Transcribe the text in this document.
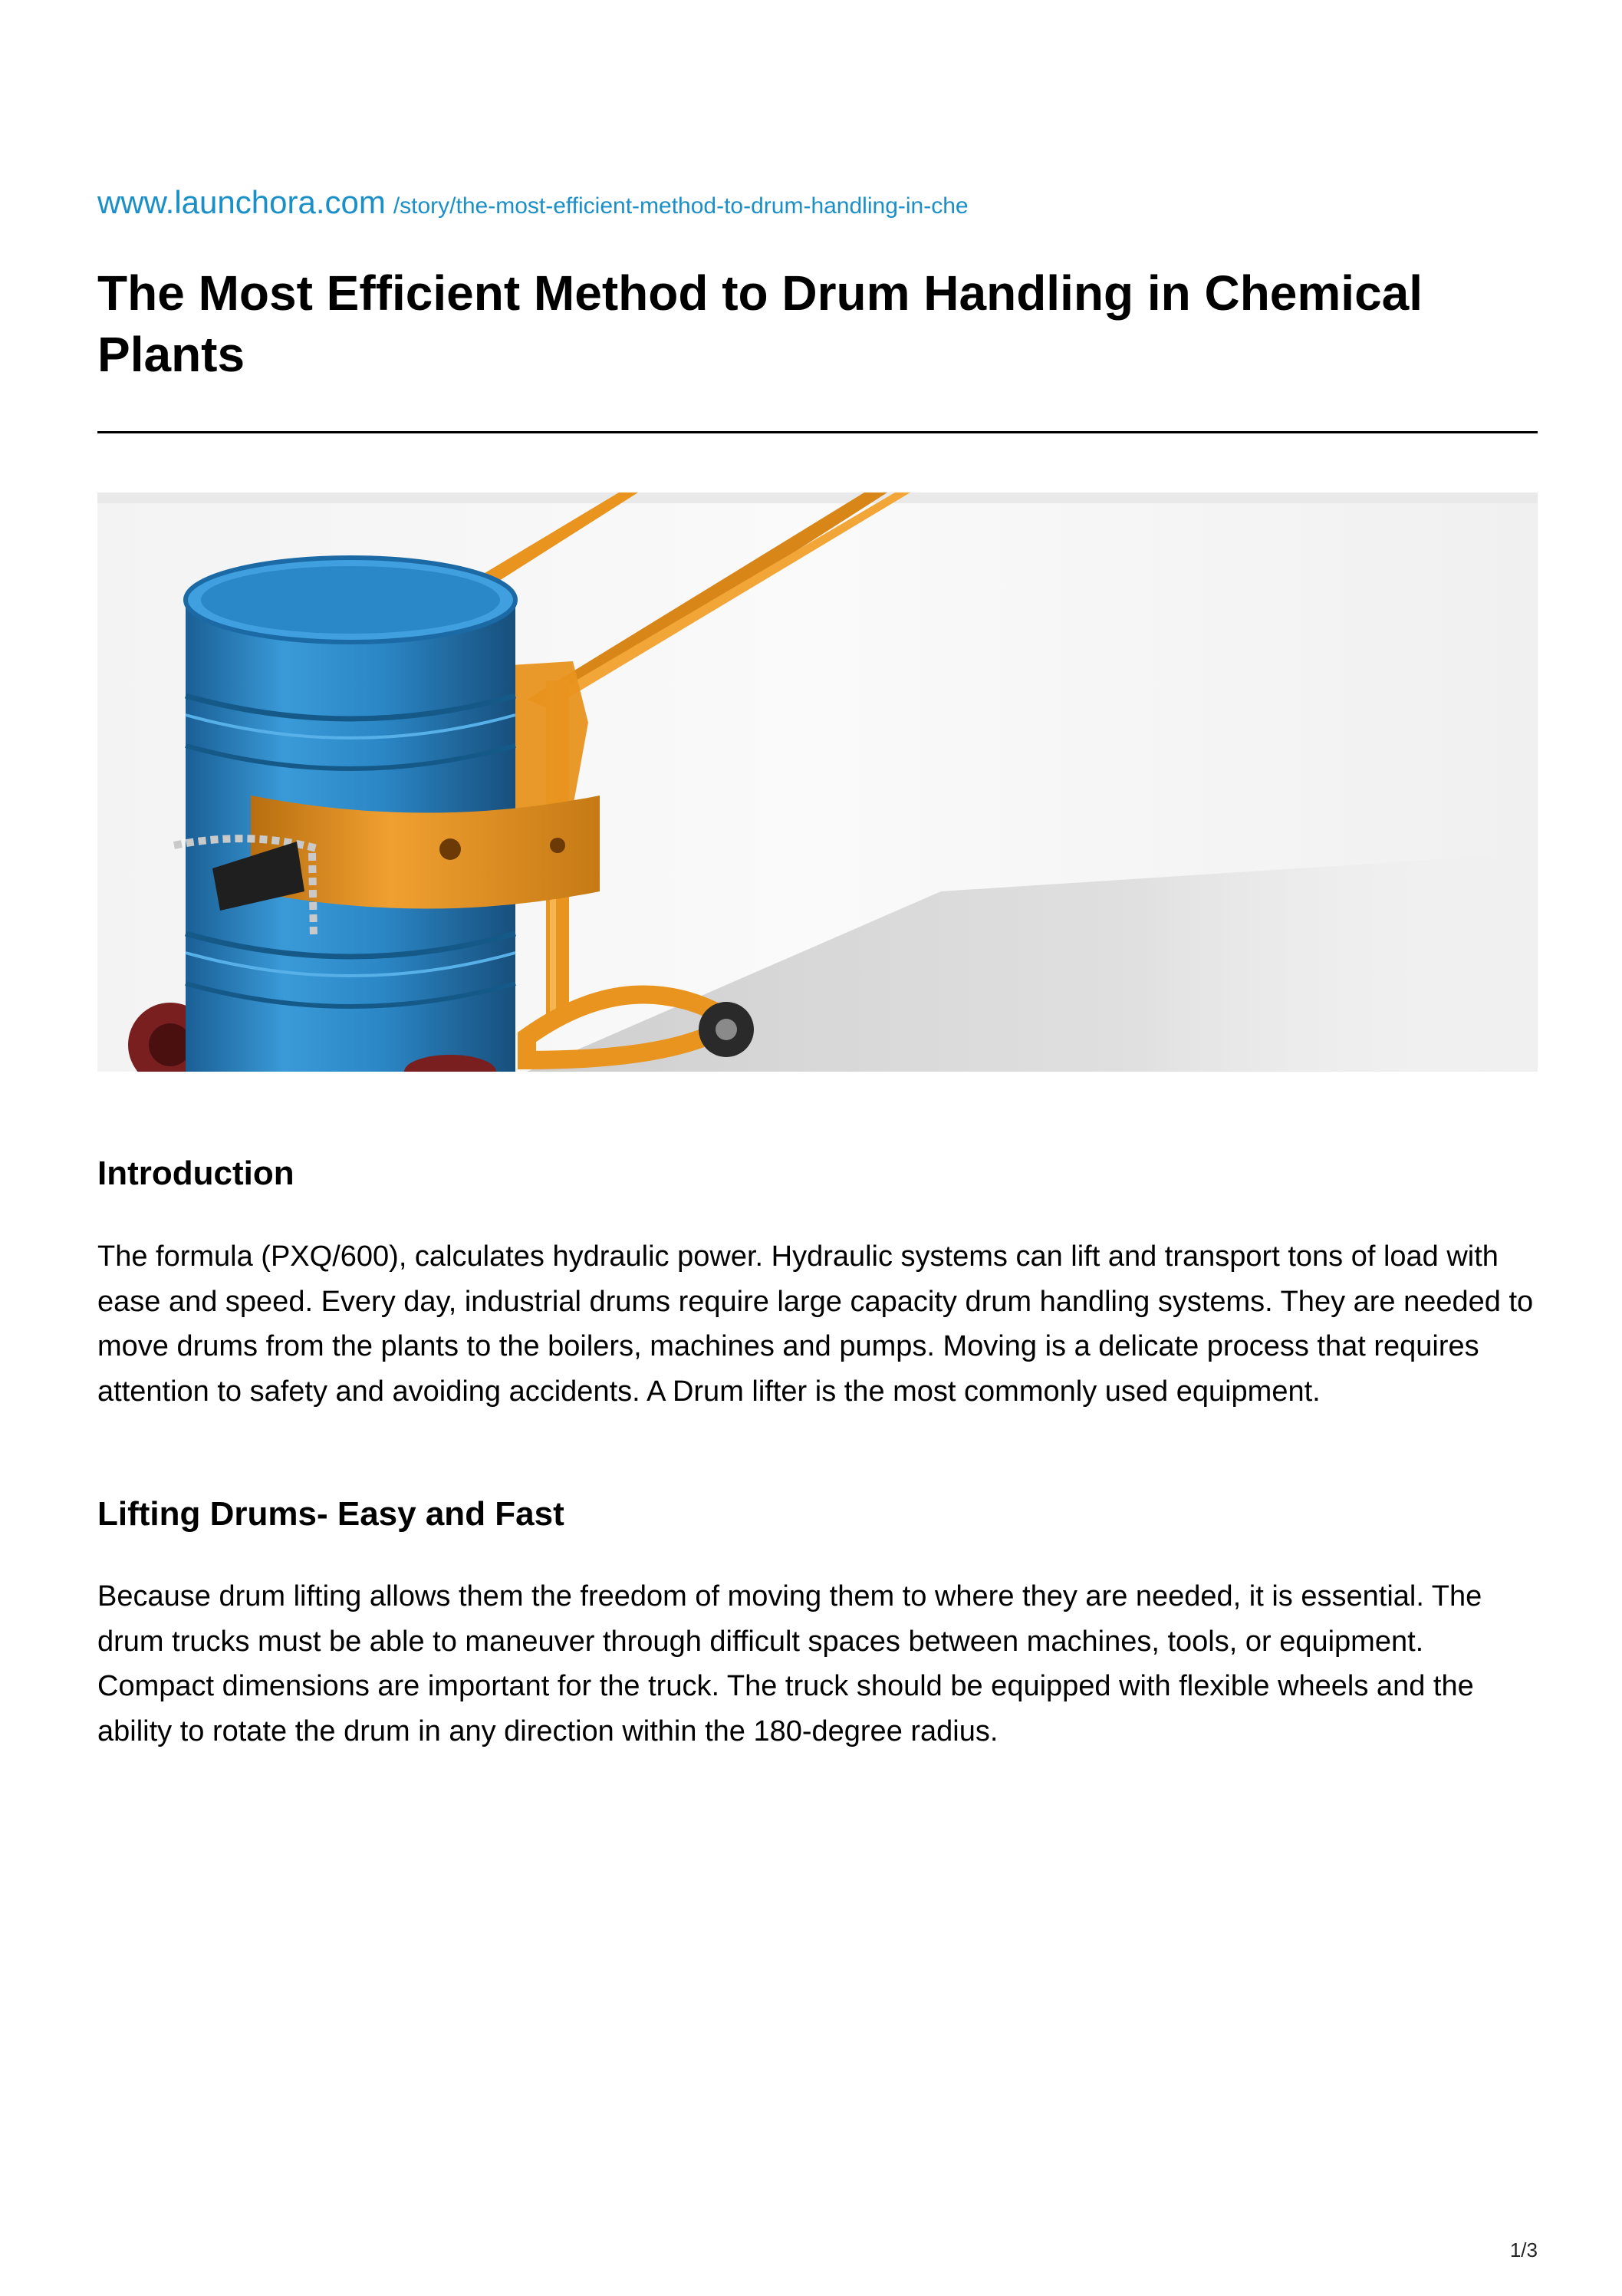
www.launchora.com /story/the-most-efficient-method-to-drum-handling-in-che
The Most Efficient Method to Drum Handling in Chemical Plants
Introduction

The formula (PXQ/600), calculates hydraulic power. Hydraulic systems can lift and transport tons of load with ease and speed. Every day, industrial drums require large capacity drum handling systems. They are needed to move drums from the plants to the boilers, machines and pumps. Moving is a delicate process that requires attention to safety and avoiding accidents. A Drum lifter is the most commonly used equipment.

Lifting Drums- Easy and Fast

Because drum lifting allows them the freedom of moving them to where they are needed, it is essential. The drum trucks must be able to maneuver through difficult spaces between machines, tools, or equipment. Compact dimensions are important for the truck. The truck should be equipped with flexible wheels and the ability to rotate the drum in any direction within the 180-degree radius.

1/3
